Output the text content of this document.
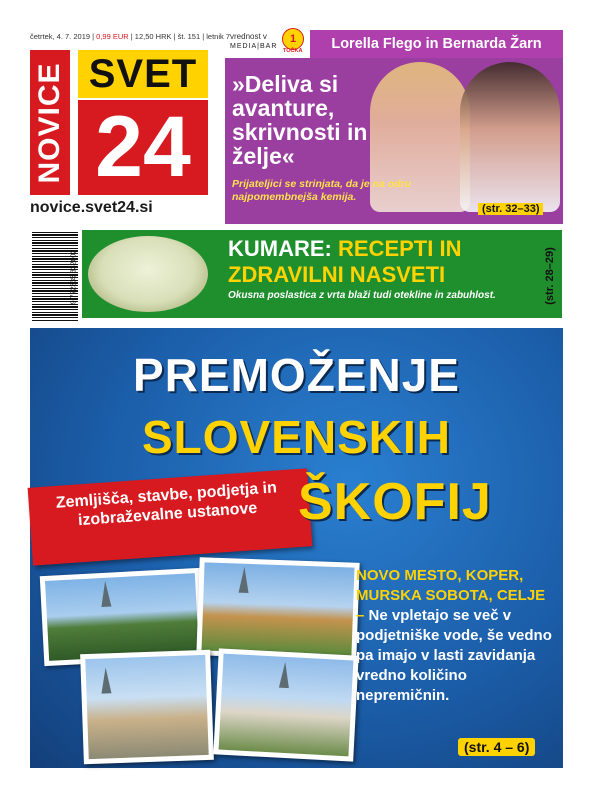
četrtek, 4. 7. 2019 | 0,99 EUR | 12,50 HRK | št. 151 | letnik 7
NOVICE SVET
24
novice.svet24.si
vrednost v
MEDIA|BAR
1
TOČKA	Lorella Flego in Bernarda Žarn
»Deliva si avanture, skrivnosti in želje«
Prijateljici se strinjata, da je na odru najpomembnejša kemija.
(str. 32–33)
9 772335 332002
KUMARE: RECEPTI IN
ZDRAVILNI NASVETI
Okusna poslastica z vrta blaži tudi otekline in zabuhlost.	(str. 28–29)
PREMOŽENJE
SLOVENSKIH
Zemljišča, stavbe, podjetja in izobraževalne ustanove ŠKOFIJ
NOVO MESTO, KOPER, MURSKA SOBOTA, CELJE – Ne vpletajo se več v podjetniške vode, še vedno pa imajo v lasti zavidanja vredno količino nepremičnin.
(str. 4 – 6)
